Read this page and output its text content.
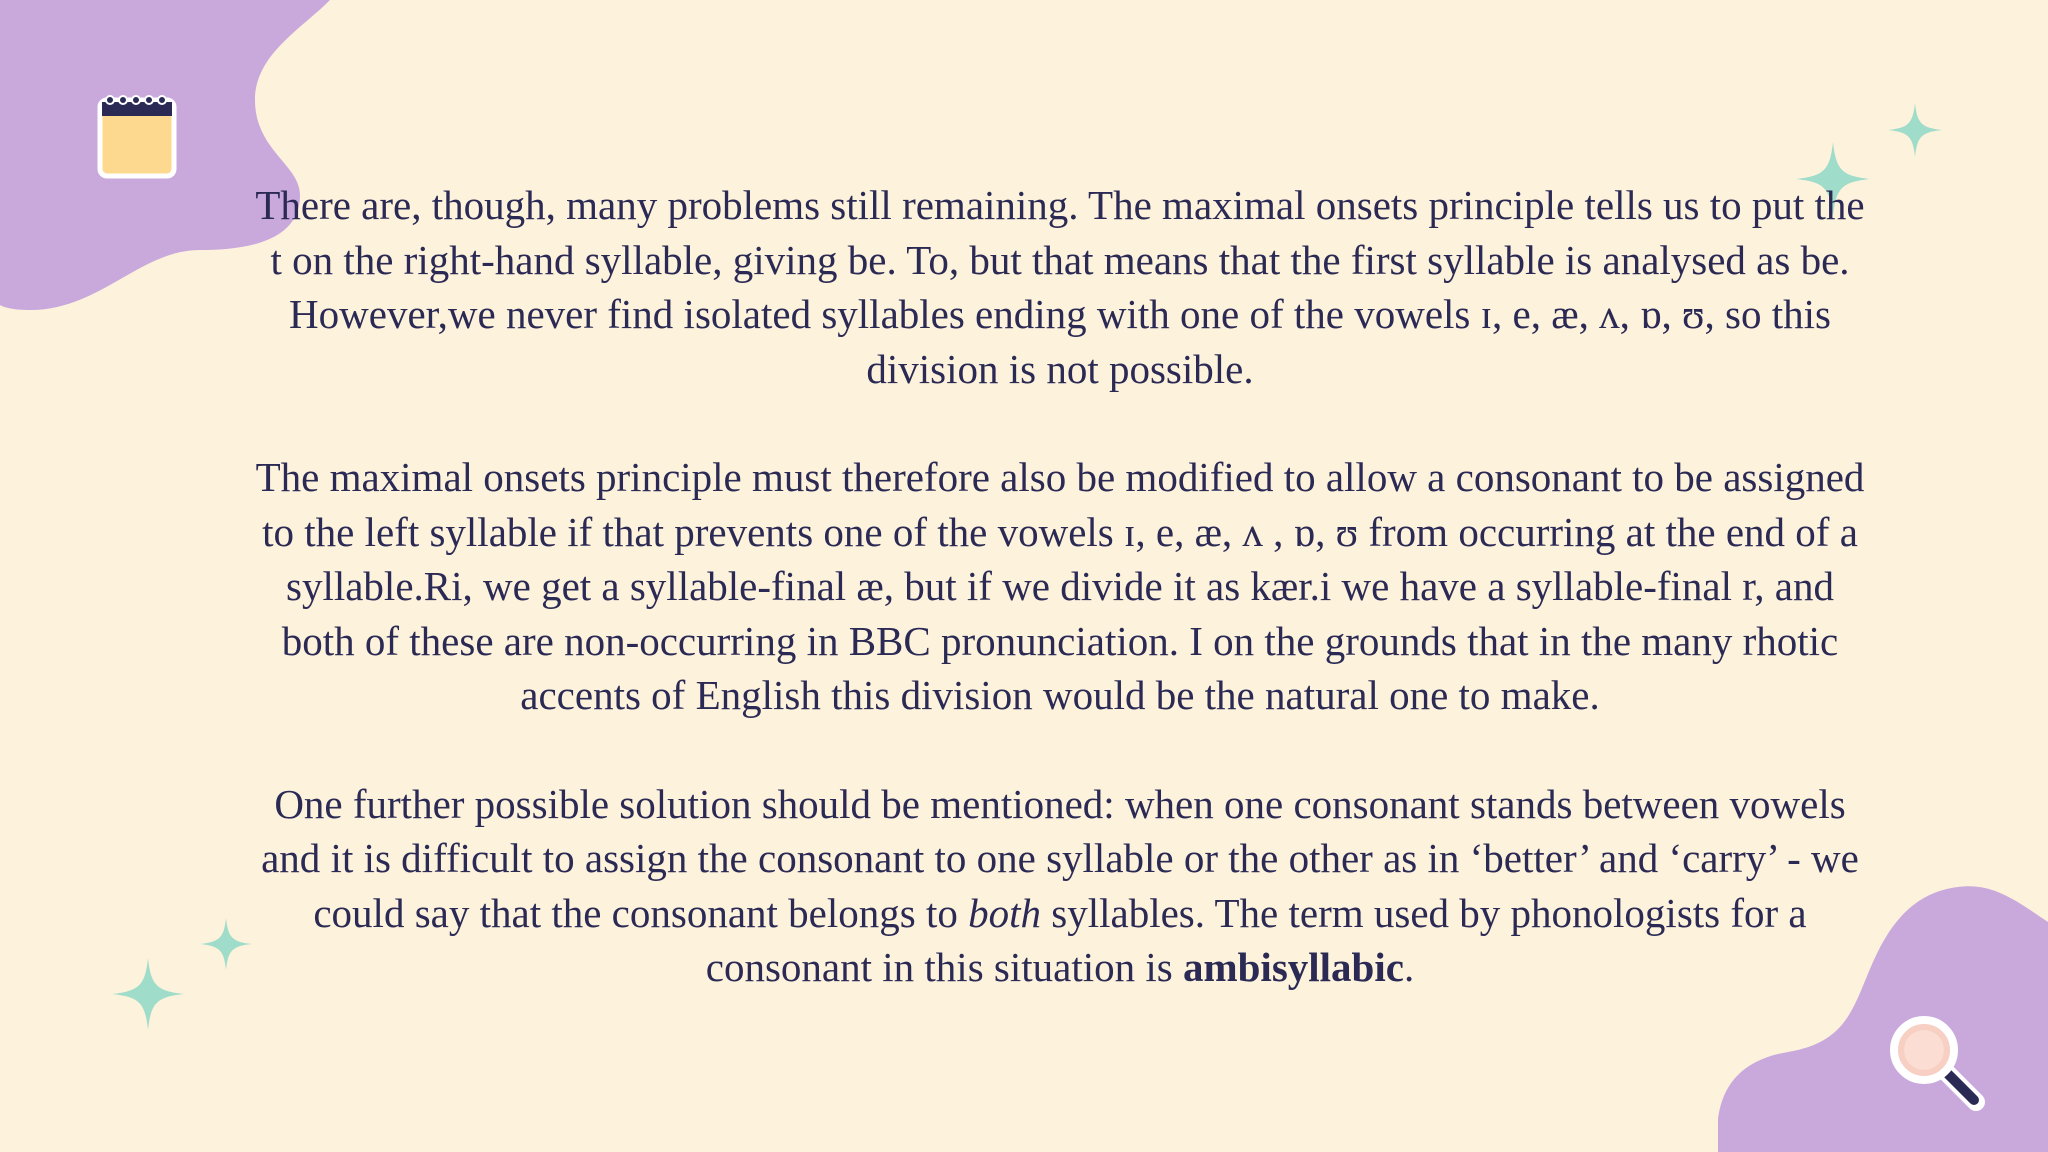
There are, though, many problems still remaining. The maximal onsets principle tells us to put the t on the right-hand syllable, giving be. To, but that means that the first syllable is analysed as be. However,we never find isolated syllables ending with one of the vowels ɪ, e, æ, ʌ, ɒ, ʊ, so this division is not possible.

The maximal onsets principle must therefore also be modified to allow a consonant to be assigned to the left syllable if that prevents one of the vowels ɪ, e, æ, ʌ , ɒ, ʊ from occurring at the end of a syllable.Ri, we get a syllable-final æ, but if we divide it as kær.i we have a syllable-final r, and both of these are non-occurring in BBC pronunciation. I on the grounds that in the many rhotic accents of English this division would be the natural one to make.

One further possible solution should be mentioned: when one consonant stands between vowels and it is difficult to assign the consonant to one syllable or the other as in ‘better’ and ‘carry’ - we could say that the consonant belongs to both syllables. The term used by phonologists for a consonant in this situation is ambisyllabic.
